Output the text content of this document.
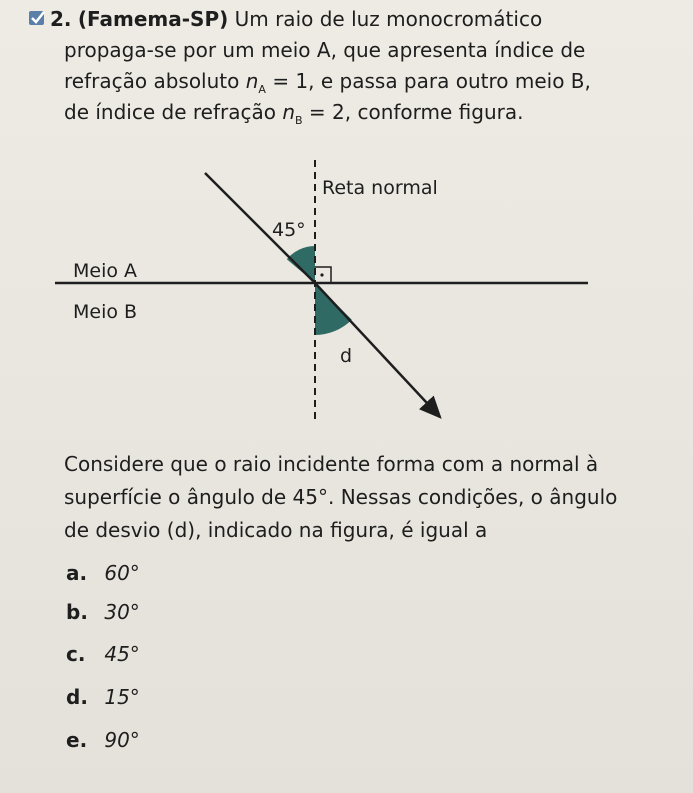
2. (Famema-SP) Um raio de luz monocromático
propaga-se por um meio A, que apresenta índice de
refração absoluto $n_A = 1$, e passa para outro meio B,
de índice de refração $n_B = 2$, conforme figura.
Reta normal
45°
Meio A
Meio B
d
Considere que o raio incidente forma com a normal à
superfície o ângulo de 45°. Nessas condições, o ângulo
de desvio (d), indicado na figura, é igual a
a. 60°
b. 30°
c. 45°
d. 15°
e. 90°
